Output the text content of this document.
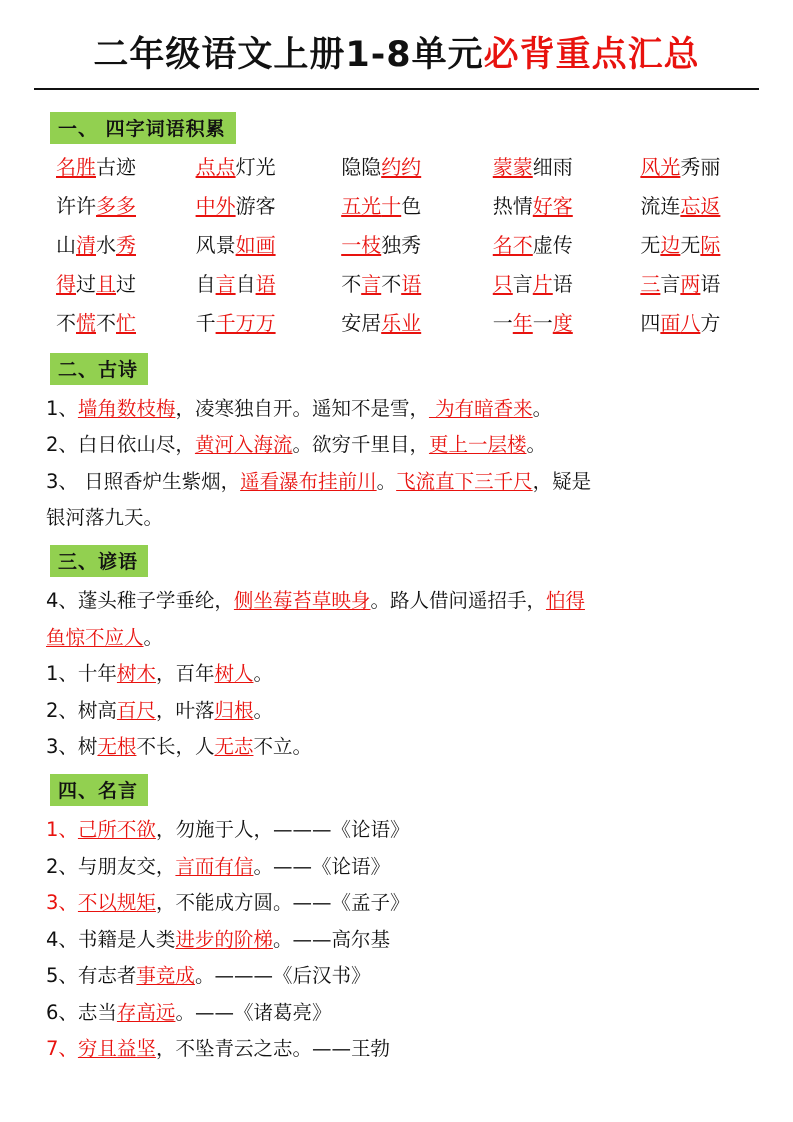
二年级语文上册1-8单元必背重点汇总
一、 四字词语积累
名胜古迹	点点灯光	隐隐约约	蒙蒙细雨	风光秀丽
许许多多	中外游客	五光十色	热情好客	流连忘返
山清水秀	风景如画	一枝独秀	名不虚传	无边无际
得过且过	自言自语	不言不语	只言片语	三言两语
不慌不忙	千千万万	安居乐业	一年一度	四面八方
二、古诗
1、墙角数枝梅，凌寒独自开。遥知不是雪， 为有暗香来。
2、白日依山尽，黄河入海流。欲穷千里目，更上一层楼。
3、 日照香炉生紫烟，遥看瀑布挂前川。飞流直下三千尺，疑是
银河落九天。
三、谚语
4、蓬头稚子学垂纶，侧坐莓苔草映身。路人借问遥招手，怕得
鱼惊不应人。
1、十年树木，百年树人。
2、树高百尺，叶落归根。
3、树无根不长，人无志不立。
四、名言
1、己所不欲，勿施于人，———《论语》
2、与朋友交，言而有信。——《论语》
3、不以规矩，不能成方圆。——《孟子》
4、书籍是人类进步的阶梯。——高尔基
5、有志者事竞成。———《后汉书》
6、志当存高远。——《诸葛亮》
7、穷且益坚，不坠青云之志。——王勃
